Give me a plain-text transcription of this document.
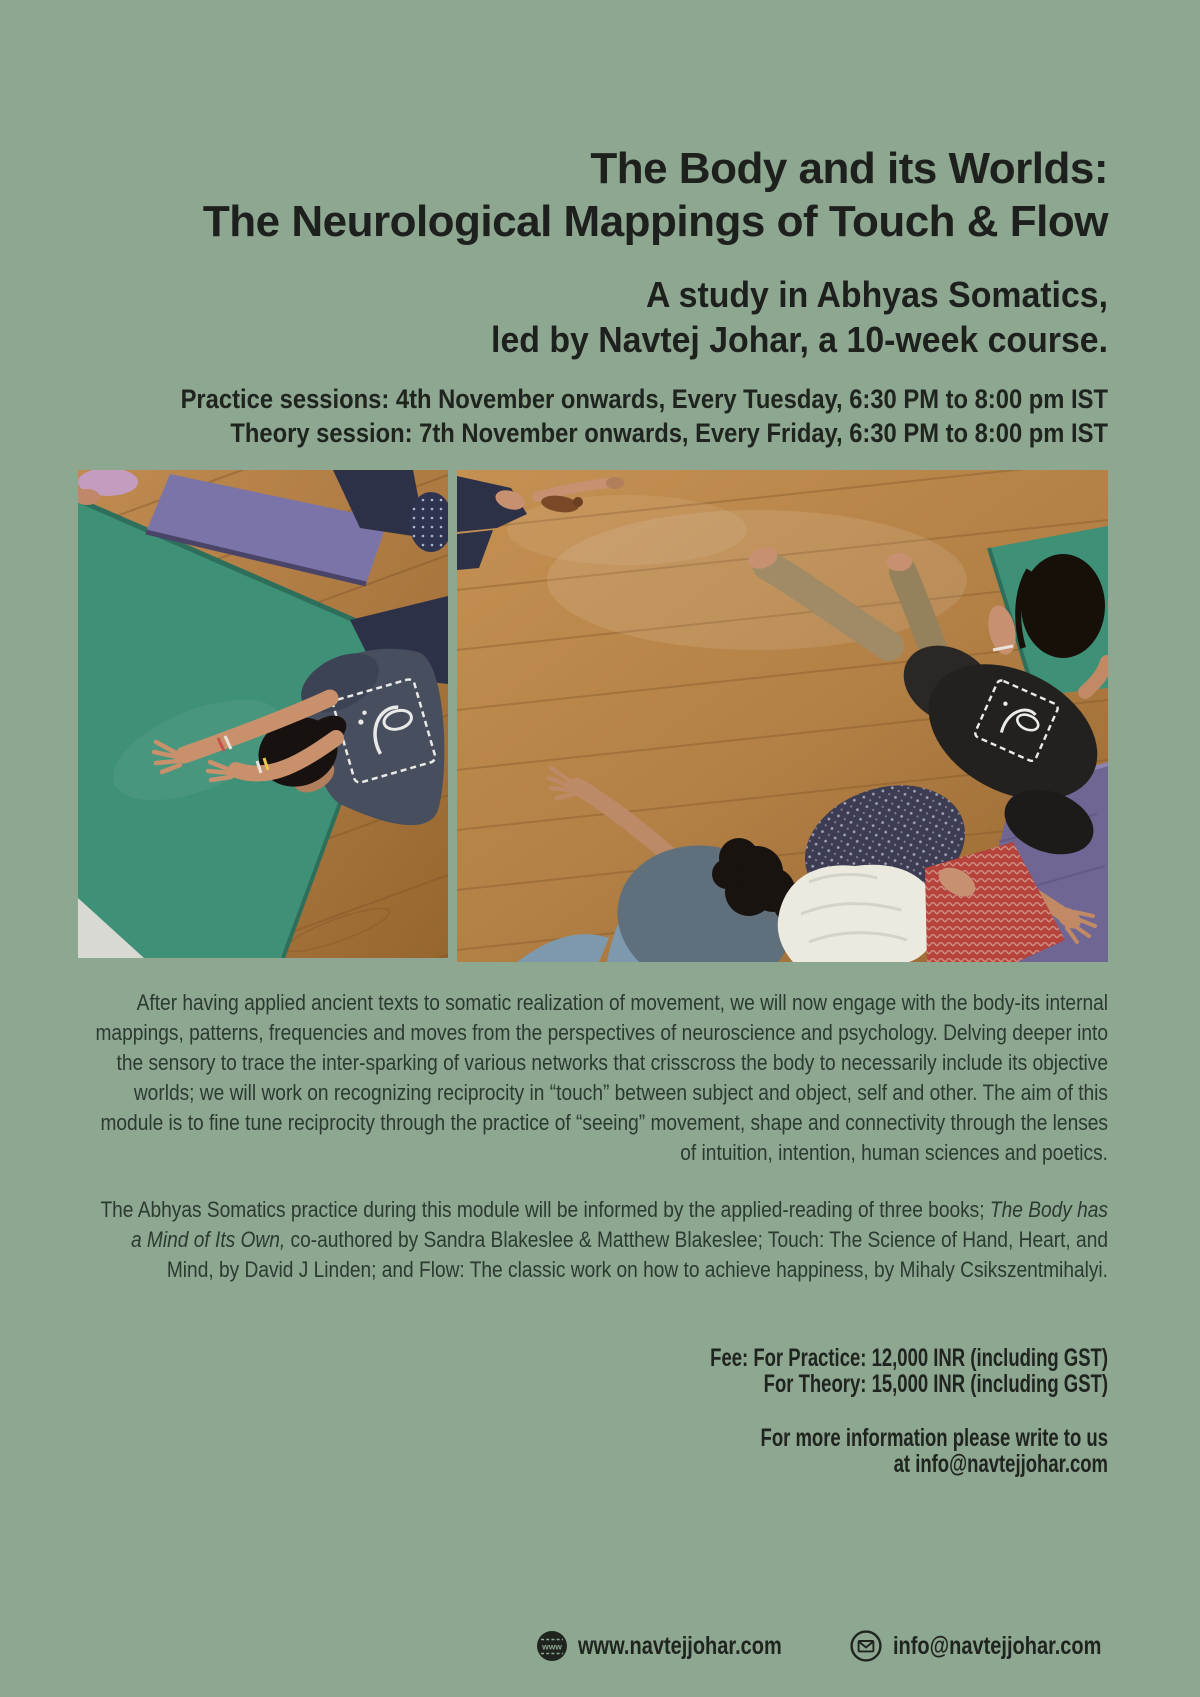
The Body and its Worlds:
The Neurological Mappings of Touch & Flow
A study in Abhyas Somatics,
led by Navtej Johar, a 10-week course.
Practice sessions: 4th November onwards, Every Tuesday, 6:30 PM to 8:00 pm IST
Theory session: 7th November onwards, Every Friday, 6:30 PM to 8:00 pm IST

After having applied ancient texts to somatic realization of movement, we will now engage with the body-its internal mappings, patterns, frequencies and moves from the perspectives of neuroscience and psychology. Delving deeper into the sensory to trace the inter-sparking of various networks that crisscross the body to necessarily include its objective worlds; we will work on recognizing reciprocity in “touch” between subject and object, self and other. The aim of this module is to fine tune reciprocity through the practice of “seeing” movement, shape and connectivity through the lenses of intuition, intention, human sciences and poetics.

The Abhyas Somatics practice during this module will be informed by the applied-reading of three books; The Body has a Mind of Its Own, co-authored by Sandra Blakeslee & Matthew Blakeslee; Touch: The Science of Hand, Heart, and Mind, by David J Linden; and Flow: The classic work on how to achieve happiness, by Mihaly Csikszentmihalyi.

Fee: For Practice: 12,000 INR (including GST)
For Theory: 15,000 INR (including GST)
For more information please write to us
at info@navtejjohar.com
www www.navtejjohar.com	info@navtejjohar.com
